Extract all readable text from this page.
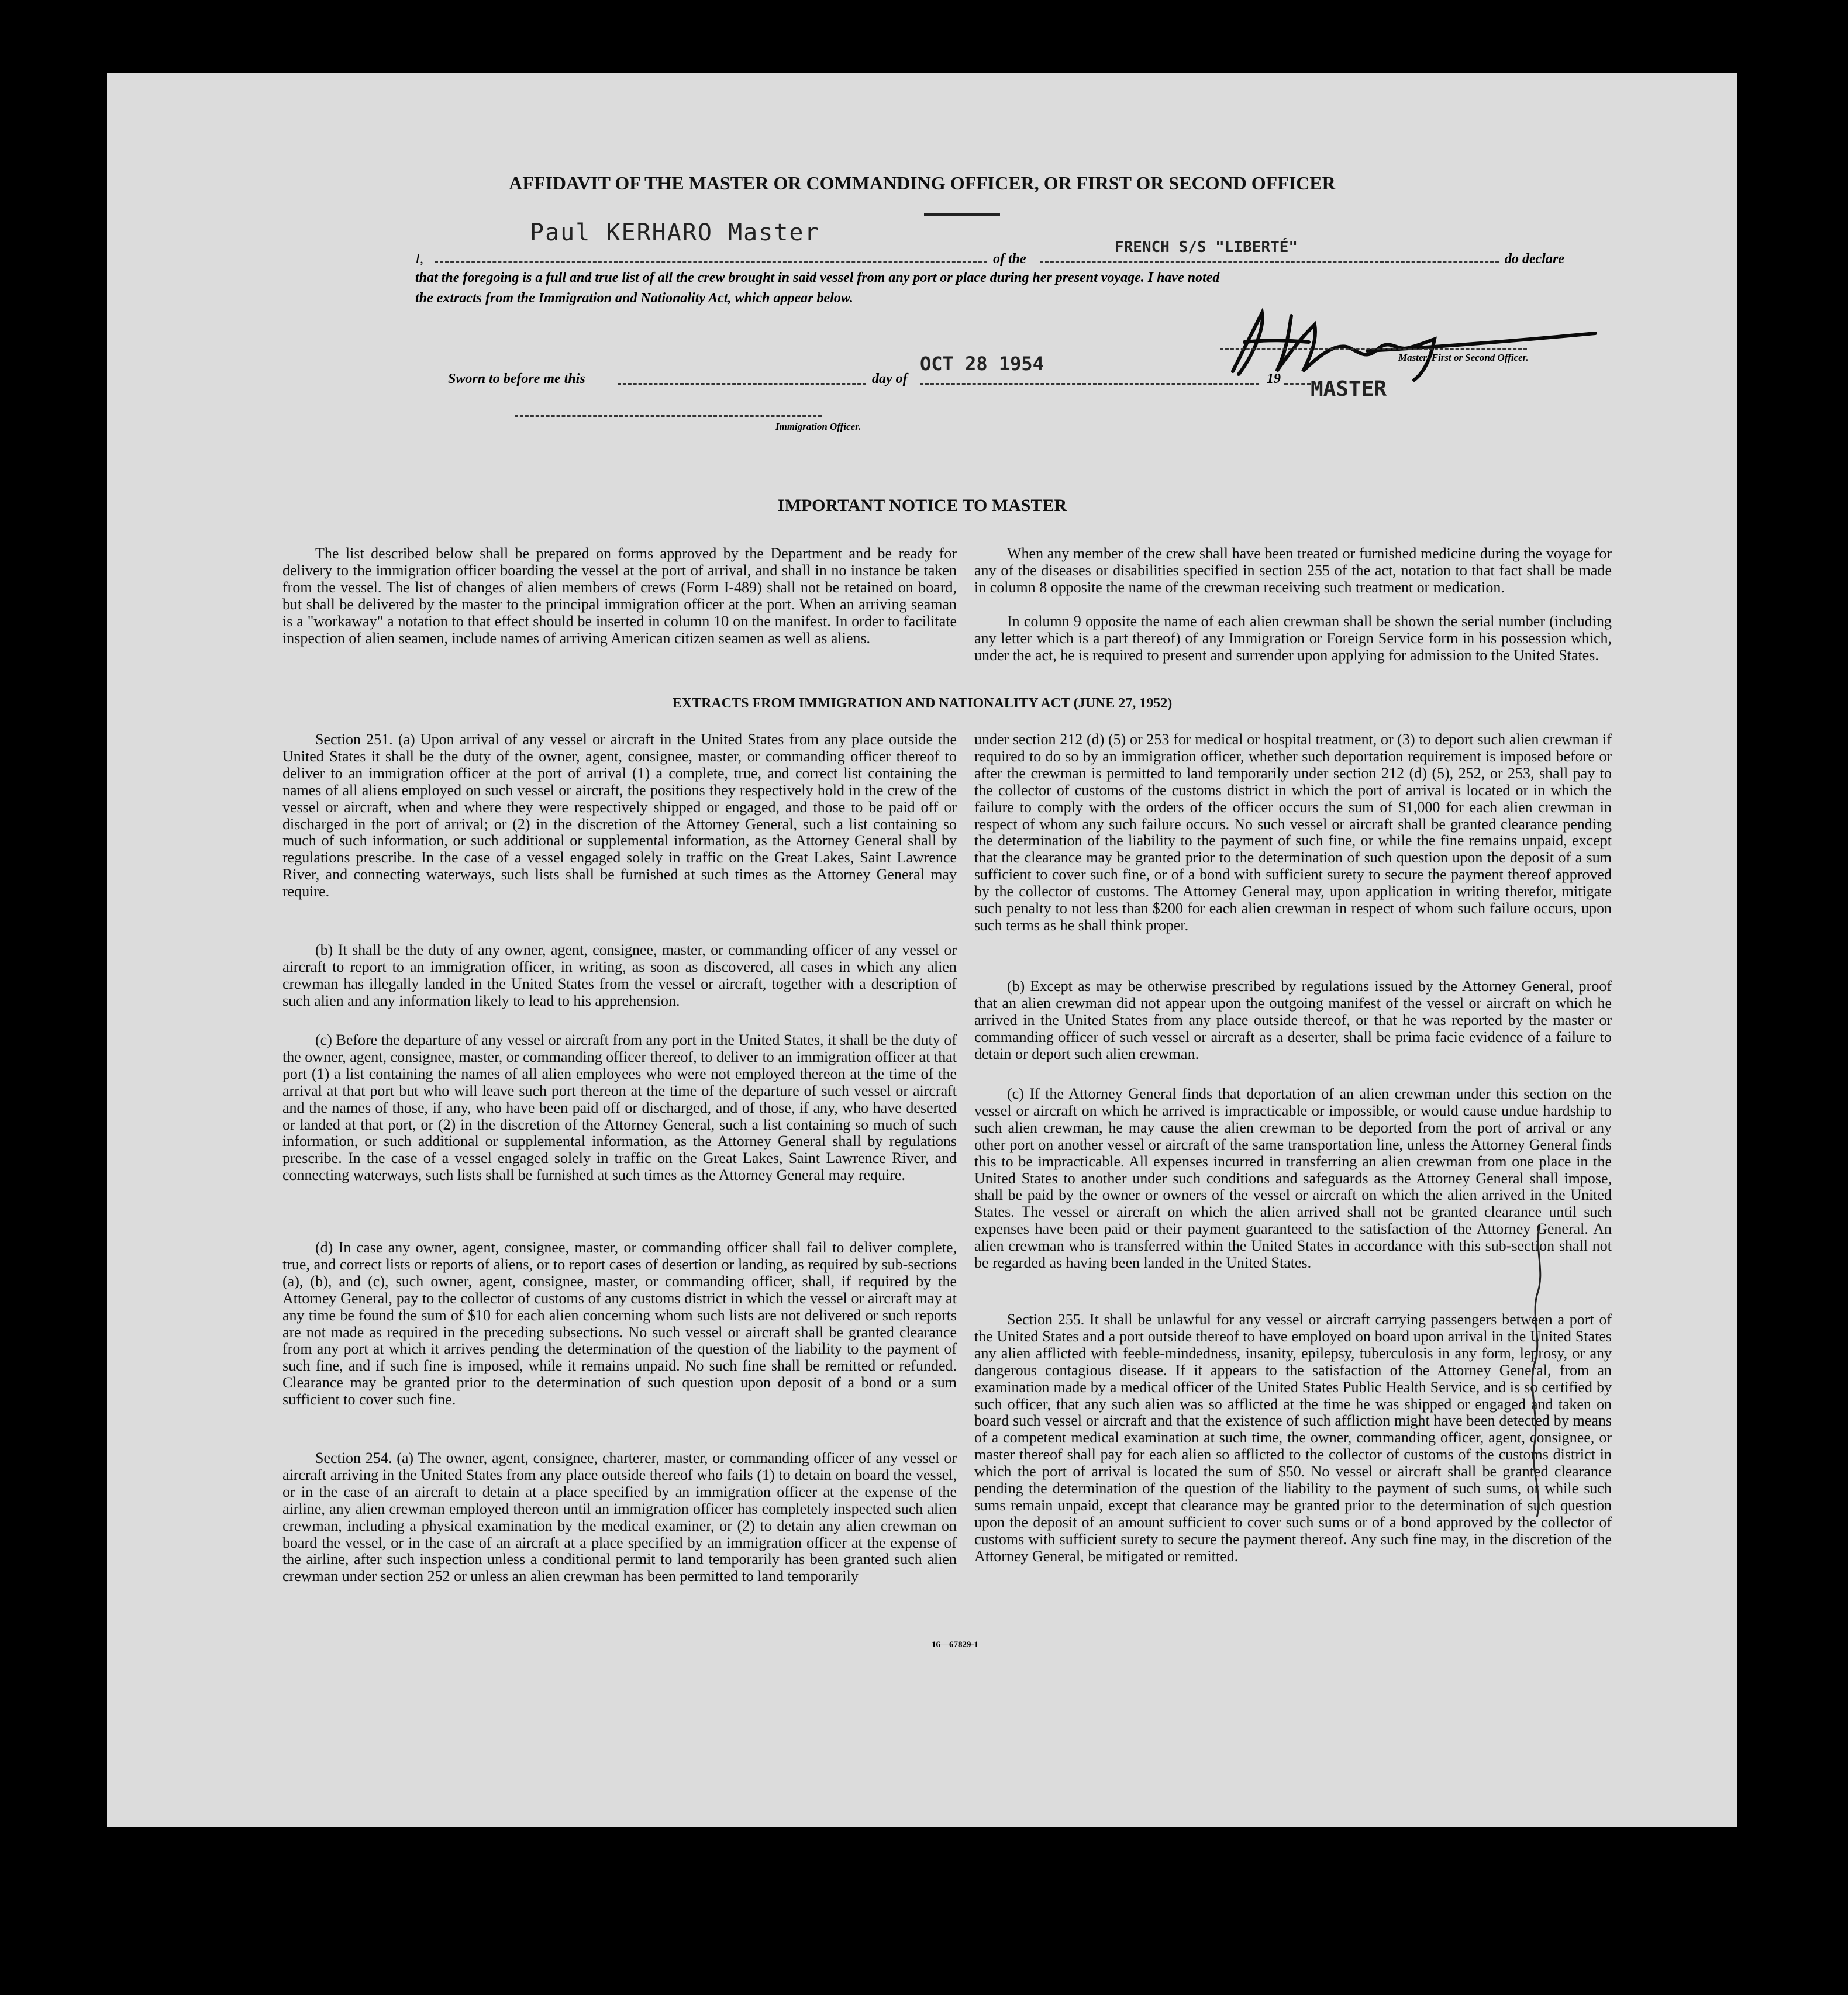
AFFIDAVIT OF THE MASTER OR COMMANDING OFFICER, OR FIRST OR SECOND OFFICER
I,
Paul KERHARO Master
of the
FRENCH S/S "LIBERTÉ"
do declare
that the foregoing is a full and true list of all the crew brought in said vessel from any port or place during her present voyage. I have noted
the extracts from the Immigration and Nationality Act, which appear below.
Master, First or Second Officer.
MASTER
Sworn to before me this	day of
OCT 28 1954
19
Immigration Officer.
IMPORTANT NOTICE TO MASTER

The list described below shall be prepared on forms approved by the Department and be ready for delivery to the immigration officer boarding the vessel at the port of arrival, and shall in no instance be taken from the vessel. The list of changes of alien members of crews (Form I-489) shall not be retained on board, but shall be delivered by the master to the principal immigration officer at the port. When an arriving seaman is a "workaway" a notation to that effect should be inserted in column 10 on the manifest. In order to facilitate inspection of alien seamen, include names of arriving American citizen seamen as well as aliens.

When any member of the crew shall have been treated or furnished medicine during the voyage for any of the diseases or disabilities specified in section 255 of the act, notation to that fact shall be made in column 8 opposite the name of the crewman receiving such treatment or medication.

In column 9 opposite the name of each alien crewman shall be shown the serial number (including any letter which is a part thereof) of any Immigration or Foreign Service form in his possession which, under the act, he is required to present and surrender upon applying for admission to the United States.

EXTRACTS FROM IMMIGRATION AND NATIONALITY ACT (JUNE 27, 1952)

Section 251. (a) Upon arrival of any vessel or aircraft in the United States from any place outside the United States it shall be the duty of the owner, agent, consignee, master, or commanding officer thereof to deliver to an immigration officer at the port of arrival (1) a complete, true, and correct list containing the names of all aliens employed on such vessel or aircraft, the positions they respectively hold in the crew of the vessel or aircraft, when and where they were respectively shipped or engaged, and those to be paid off or discharged in the port of arrival; or (2) in the discretion of the Attorney General, such a list containing so much of such information, or such additional or supplemental information, as the Attorney General shall by regulations prescribe. In the case of a vessel engaged solely in traffic on the Great Lakes, Saint Lawrence River, and connecting waterways, such lists shall be furnished at such times as the Attorney General may require.

(b) It shall be the duty of any owner, agent, consignee, master, or commanding officer of any vessel or aircraft to report to an immigration officer, in writing, as soon as discovered, all cases in which any alien crewman has illegally landed in the United States from the vessel or aircraft, together with a description of such alien and any information likely to lead to his apprehension.

(c) Before the departure of any vessel or aircraft from any port in the United States, it shall be the duty of the owner, agent, consignee, master, or commanding officer thereof, to deliver to an immigration officer at that port (1) a list containing the names of all alien employees who were not employed thereon at the time of the arrival at that port but who will leave such port thereon at the time of the departure of such vessel or aircraft and the names of those, if any, who have been paid off or discharged, and of those, if any, who have deserted or landed at that port, or (2) in the discretion of the Attorney General, such a list containing so much of such information, or such additional or supplemental information, as the Attorney General shall by regulations prescribe. In the case of a vessel engaged solely in traffic on the Great Lakes, Saint Lawrence River, and connecting waterways, such lists shall be furnished at such times as the Attorney General may require.

(d) In case any owner, agent, consignee, master, or commanding officer shall fail to deliver complete, true, and correct lists or reports of aliens, or to report cases of desertion or landing, as required by sub-sections (a), (b), and (c), such owner, agent, consignee, master, or commanding officer, shall, if required by the Attorney General, pay to the collector of customs of any customs district in which the vessel or aircraft may at any time be found the sum of $10 for each alien concerning whom such lists are not delivered or such reports are not made as required in the preceding subsections. No such vessel or aircraft shall be granted clearance from any port at which it arrives pending the determination of the question of the liability to the payment of such fine, and if such fine is imposed, while it remains unpaid. No such fine shall be remitted or refunded. Clearance may be granted prior to the determination of such question upon deposit of a bond or a sum sufficient to cover such fine.

Section 254. (a) The owner, agent, consignee, charterer, master, or commanding officer of any vessel or aircraft arriving in the United States from any place outside thereof who fails (1) to detain on board the vessel, or in the case of an aircraft to detain at a place specified by an immigration officer at the expense of the airline, any alien crewman employed thereon until an immigration officer has completely inspected such alien crewman, including a physical examination by the medical examiner, or (2) to detain any alien crewman on board the vessel, or in the case of an aircraft at a place specified by an immigration officer at the expense of the airline, after such inspection unless a conditional permit to land temporarily has been granted such alien crewman under section 252 or unless an alien crewman has been permitted to land temporarily

under section 212 (d) (5) or 253 for medical or hospital treatment, or (3) to deport such alien crewman if required to do so by an immigration officer, whether such deportation requirement is imposed before or after the crewman is permitted to land temporarily under section 212 (d) (5), 252, or 253, shall pay to the collector of customs of the customs district in which the port of arrival is located or in which the failure to comply with the orders of the officer occurs the sum of $1,000 for each alien crewman in respect of whom any such failure occurs. No such vessel or aircraft shall be granted clearance pending the determination of the liability to the payment of such fine, or while the fine remains unpaid, except that the clearance may be granted prior to the determination of such question upon the deposit of a sum sufficient to cover such fine, or of a bond with sufficient surety to secure the payment thereof approved by the collector of customs. The Attorney General may, upon application in writing therefor, mitigate such penalty to not less than $200 for each alien crewman in respect of whom such failure occurs, upon such terms as he shall think proper.

(b) Except as may be otherwise prescribed by regulations issued by the Attorney General, proof that an alien crewman did not appear upon the outgoing manifest of the vessel or aircraft on which he arrived in the United States from any place outside thereof, or that he was reported by the master or commanding officer of such vessel or aircraft as a deserter, shall be prima facie evidence of a failure to detain or deport such alien crewman.

(c) If the Attorney General finds that deportation of an alien crewman under this section on the vessel or aircraft on which he arrived is impracticable or impossible, or would cause undue hardship to such alien crewman, he may cause the alien crewman to be deported from the port of arrival or any other port on another vessel or aircraft of the same transportation line, unless the Attorney General finds this to be impracticable. All expenses incurred in transferring an alien crewman from one place in the United States to another under such conditions and safeguards as the Attorney General shall impose, shall be paid by the owner or owners of the vessel or aircraft on which the alien arrived in the United States. The vessel or aircraft on which the alien arrived shall not be granted clearance until such expenses have been paid or their payment guaranteed to the satisfaction of the Attorney General. An alien crewman who is transferred within the United States in accordance with this sub-section shall not be regarded as having been landed in the United States.

Section 255. It shall be unlawful for any vessel or aircraft carrying passengers between a port of the United States and a port outside thereof to have employed on board upon arrival in the United States any alien afflicted with feeble-mindedness, insanity, epilepsy, tuberculosis in any form, leprosy, or any dangerous contagious disease. If it appears to the satisfaction of the Attorney General, from an examination made by a medical officer of the United States Public Health Service, and is so certified by such officer, that any such alien was so afflicted at the time he was shipped or engaged and taken on board such vessel or aircraft and that the existence of such affliction might have been detected by means of a competent medical examination at such time, the owner, commanding officer, agent, consignee, or master thereof shall pay for each alien so afflicted to the collector of customs of the customs district in which the port of arrival is located the sum of $50. No vessel or aircraft shall be granted clearance pending the determination of the question of the liability to the payment of such sums, or while such sums remain unpaid, except that clearance may be granted prior to the determination of such question upon the deposit of an amount sufficient to cover such sums or of a bond approved by the collector of customs with sufficient surety to secure the payment thereof. Any such fine may, in the discretion of the Attorney General, be mitigated or remitted.

16—67829-1
